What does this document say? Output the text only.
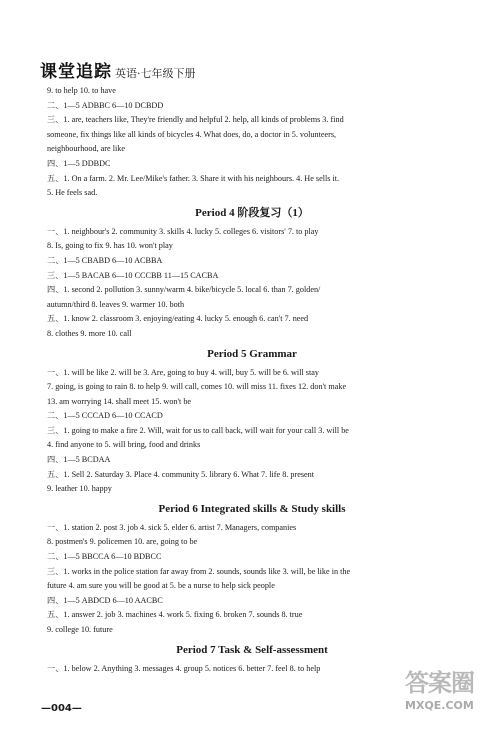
课堂追踪 英语·七年级下册
9. to help 10. to have
二、1—5 ADBBC 6—10 DCBDD
三、1. are, teachers like, They're friendly and helpful 2. help, all kinds of problems 3. find
someone, fix things like all kinds of bicycles 4. What does, do, a doctor in 5. volunteers,
neighbourhood, are like
四、1—5 DDBDC
五、1. On a farm. 2. Mr. Lee/Mike's father. 3. Share it with his neighbours. 4. He sells it.
5. He feels sad.
Period 4 阶段复习（1）
一、1. neighbour's 2. community 3. skills 4. lucky 5. colleges 6. visitors' 7. to play
8. Is, going to fix 9. has 10. won't play
二、1—5 CBABD 6—10 ACBBA
三、1—5 BACAB 6—10 CCCBB 11—15 CACBA
四、1. second 2. pollution 3. sunny/warm 4. bike/bicycle 5. local 6. than 7. golden/
autumn/third 8. leaves 9. warmer 10. both
五、1. know 2. classroom 3. enjoying/eating 4. lucky 5. enough 6. can't 7. need
8. clothes 9. more 10. call
Period 5 Grammar
一、1. will be like 2. will be 3. Are, going to buy 4. will, buy 5. will be 6. will stay
7. going, is going to rain 8. to help 9. will call, comes 10. will miss 11. fixes 12. don't make
13. am worrying 14. shall meet 15. won't be
二、1—5 CCCAD 6—10 CCACD
三、1. going to make a fire 2. Will, wait for us to call back, will wait for your call 3. will be
4. find anyone to 5. will bring, food and drinks
四、1—5 BCDAA
五、1. Sell 2. Saturday 3. Place 4. community 5. library 6. What 7. life 8. present
9. leather 10. happy
Period 6 Integrated skills & Study skills
一、1. station 2. post 3. job 4. sick 5. elder 6. artist 7. Managers, companies
8. postmen's 9. policemen 10. are, going to be
二、1—5 BBCCA 6—10 BDBCC
三、1. works in the police station far away from 2. sounds, sounds like 3. will, be like in the
future 4. am sure you will be good at 5. be a nurse to help sick people
四、1—5 ABDCD 6—10 AACBC
五、1. answer 2. job 3. machines 4. work 5. fixing 6. broken 7. sounds 8. true
9. college 10. future
Period 7 Task & Self-assessment
一、1. below 2. Anything 3. messages 4. group 5. notices 6. better 7. feel 8. to help
—004—
答案圈
MXQE.COM
